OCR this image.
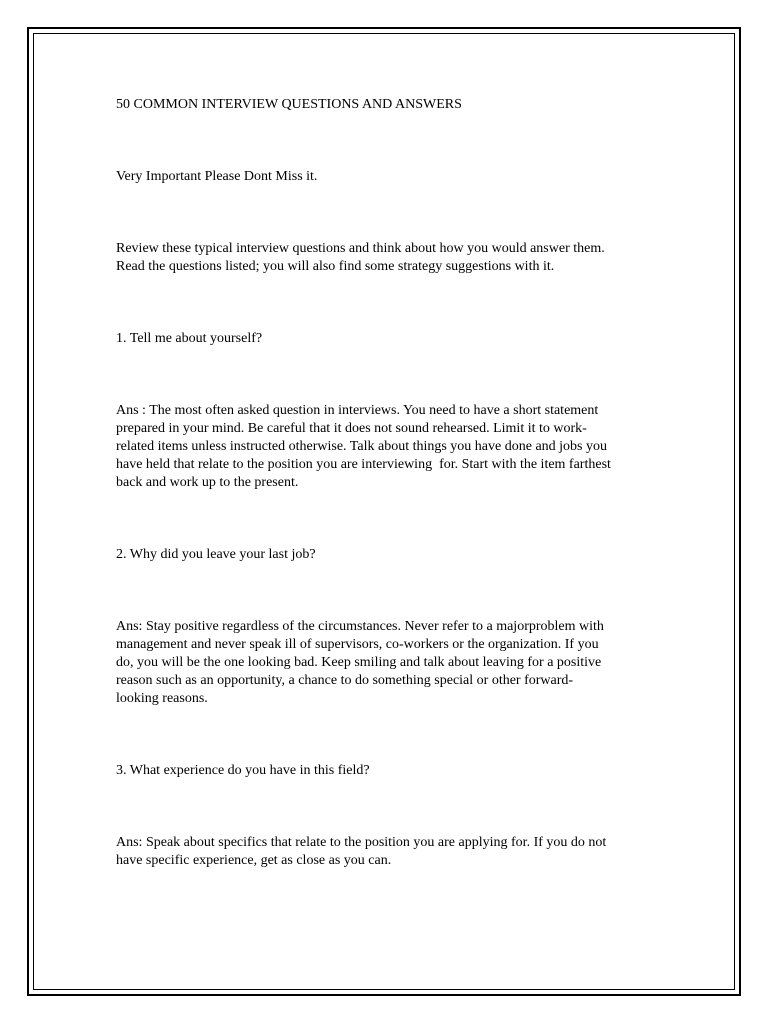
50 COMMON INTERVIEW QUESTIONS AND ANSWERS

Very Important Please Dont Miss it.

Review these typical interview questions and think about how you would answer them.
Read the questions listed; you will also find some strategy suggestions with it.

1. Tell me about yourself?

Ans : The most often asked question in interviews. You need to have a short statement
prepared in your mind. Be careful that it does not sound rehearsed. Limit it to work-
related items unless instructed otherwise. Talk about things you have done and jobs you
have held that relate to the position you are interviewing  for. Start with the item farthest
back and work up to the present.

2. Why did you leave your last job?

Ans: Stay positive regardless of the circumstances. Never refer to a majorproblem with
management and never speak ill of supervisors, co-workers or the organization. If you
do, you will be the one looking bad. Keep smiling and talk about leaving for a positive
reason such as an opportunity, a chance to do something special or other forward-
looking reasons.

3. What experience do you have in this field?

Ans: Speak about specifics that relate to the position you are applying for. If you do not
have specific experience, get as close as you can.
